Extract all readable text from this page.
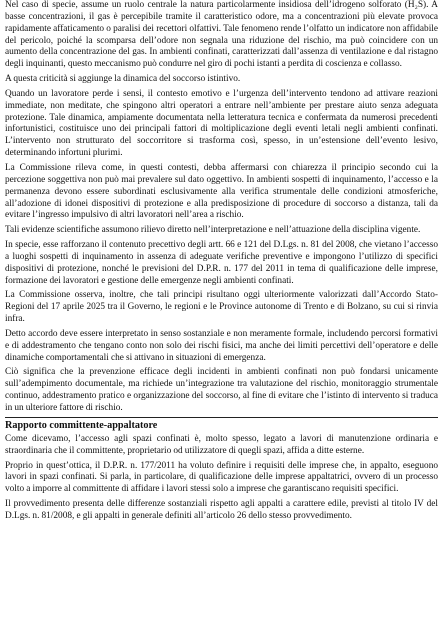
Nel caso di specie, assume un ruolo centrale la natura particolarmente insidiosa dell’idrogeno solforato (H₂S). A basse concentrazioni, il gas è percepibile tramite il caratteristico odore, ma a concentrazioni più elevate provoca rapidamente affaticamento o paralisi dei recettori olfattivi. Tale fenomeno rende l’olfatto un indicatore non affidabile del pericolo, poiché la scomparsa dell’odore non segnala una riduzione del rischio, ma può coincidere con un aumento della concentrazione del gas. In ambienti confinati, caratterizzati dall’assenza di ventilazione e dal ristagno degli inquinanti, questo meccanismo può condurre nel giro di pochi istanti a perdita di coscienza e collasso.

A questa criticità si aggiunge la dinamica del soccorso istintivo.

Quando un lavoratore perde i sensi, il contesto emotivo e l’urgenza dell’intervento tendono ad attivare reazioni immediate, non meditate, che spingono altri operatori a entrare nell’ambiente per prestare aiuto senza adeguata protezione. Tale dinamica, ampiamente documentata nella letteratura tecnica e confermata da numerosi precedenti infortunistici, costituisce uno dei principali fattori di moltiplicazione degli eventi letali negli ambienti confinati. L’intervento non strutturato del soccorritore si trasforma così, spesso, in un’estensione dell’evento lesivo, determinando infortuni plurimi.

La Commissione rileva come, in questi contesti, debba affermarsi con chiarezza il principio secondo cui la percezione soggettiva non può mai prevalere sul dato oggettivo. In ambienti sospetti di inquinamento, l’accesso e la permanenza devono essere subordinati esclusivamente alla verifica strumentale delle condizioni atmosferiche, all’adozione di idonei dispositivi di protezione e alla predisposizione di procedure di soccorso a distanza, tali da evitare l’ingresso impulsivo di altri lavoratori nell’area a rischio.

Tali evidenze scientifiche assumono rilievo diretto nell’interpretazione e nell’attuazione della disciplina vigente.

In specie, esse rafforzano il contenuto precettivo degli artt. 66 e 121 del D.Lgs. n. 81 del 2008, che vietano l’accesso a luoghi sospetti di inquinamento in assenza di adeguate verifiche preventive e impongono l’utilizzo di specifici dispositivi di protezione, nonché le previsioni del D.P.R. n. 177 del 2011 in tema di qualificazione delle imprese, formazione dei lavoratori e gestione delle emergenze negli ambienti confinati.

La Commissione osserva, inoltre, che tali principi risultano oggi ulteriormente valorizzati dall’Accordo Stato-Regioni del 17 aprile 2025 tra il Governo, le regioni e le Province autonome di Trento e di Bolzano, su cui si rinvia infra.

Detto accordo deve essere interpretato in senso sostanziale e non meramente formale, includendo percorsi formativi e di addestramento che tengano conto non solo dei rischi fisici, ma anche dei limiti percettivi dell’operatore e delle dinamiche comportamentali che si attivano in situazioni di emergenza.

Ciò significa che la prevenzione efficace degli incidenti in ambienti confinati non può fondarsi unicamente sull’adempimento documentale, ma richiede un’integrazione tra valutazione del rischio, monitoraggio strumentale continuo, addestramento pratico e organizzazione del soccorso, al fine di evitare che l’istinto di intervento si traduca in un ulteriore fattore di rischio.

Rapporto committente-appaltatore

Come dicevamo, l’accesso agli spazi confinati è, molto spesso, legato a lavori di manutenzione ordinaria e straordinaria che il committente, proprietario od utilizzatore di quegli spazi, affida a ditte esterne.

Proprio in quest’ottica, il D.P.R. n. 177/2011 ha voluto definire i requisiti delle imprese che, in appalto, eseguono lavori in spazi confinati. Si parla, in particolare, di qualificazione delle imprese appaltatrici, ovvero di un processo volto a imporre al committente di affidare i lavori stessi solo a imprese che garantiscano requisiti specifici.

Il provvedimento presenta delle differenze sostanziali rispetto agli appalti a carattere edile, previsti al titolo IV del D.Lgs. n. 81/2008, e gli appalti in generale definiti all’articolo 26 dello stesso provvedimento.
